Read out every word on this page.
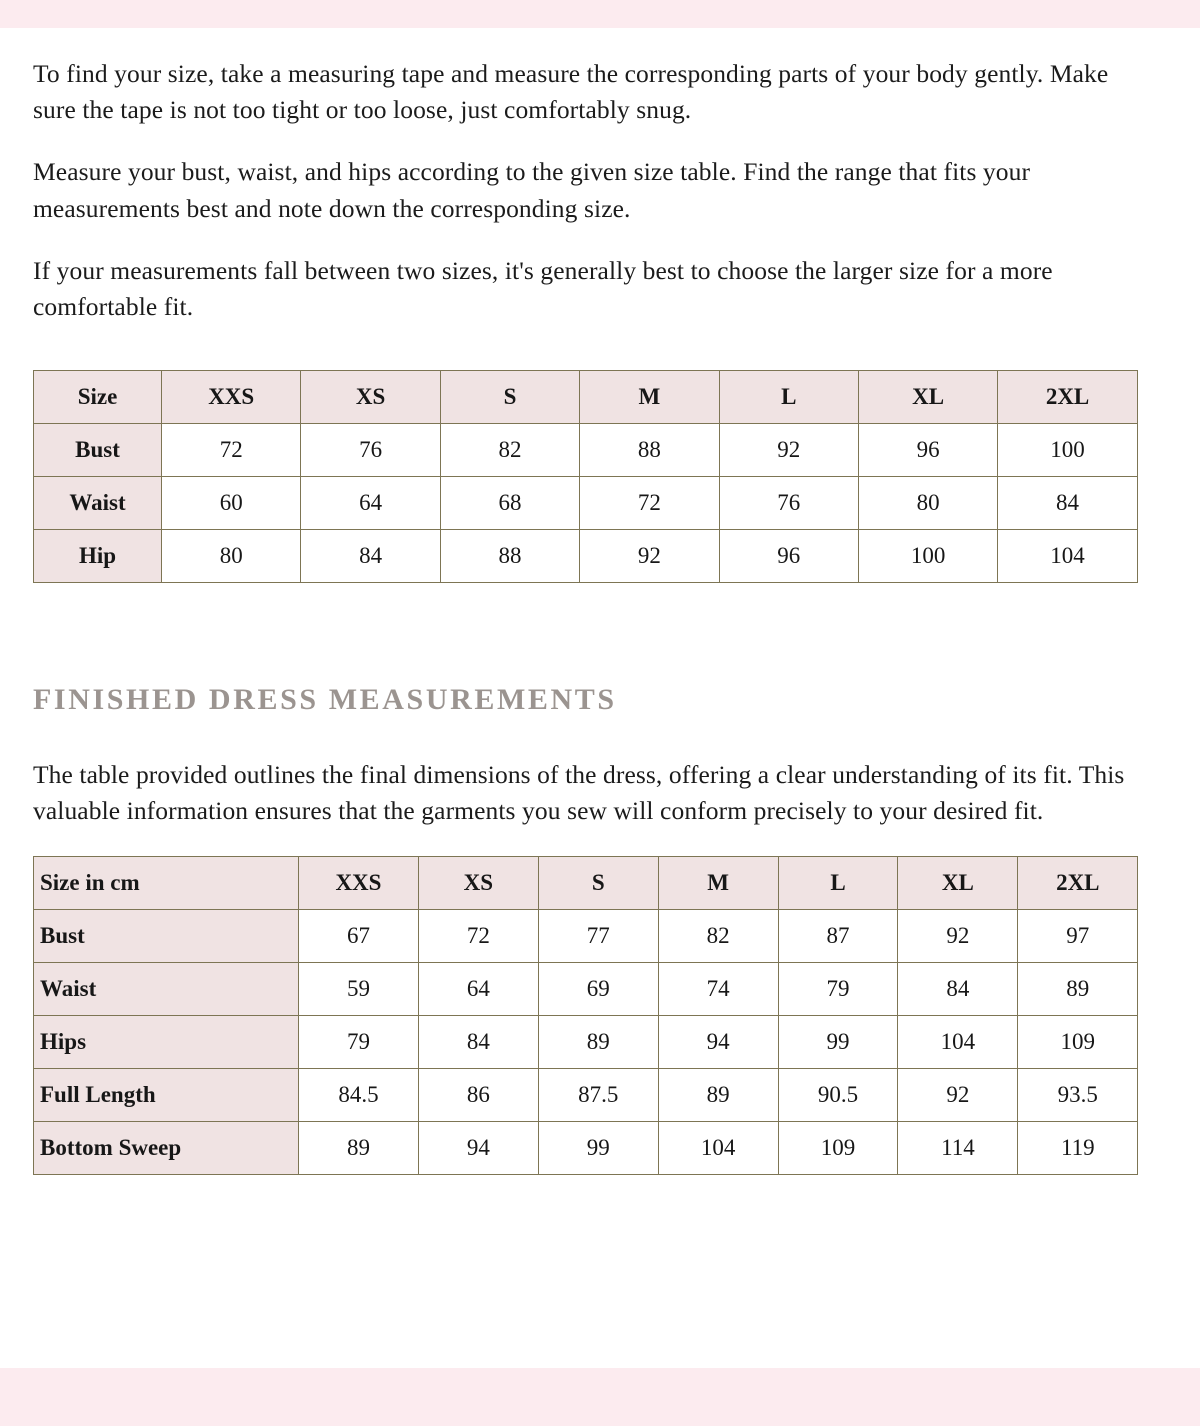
To find your size, take a measuring tape and measure the corresponding parts of your body gently. Make sure the tape is not too tight or too loose, just comfortably snug.

Measure your bust, waist, and hips according to the given size table. Find the range that fits your measurements best and note down the corresponding size.

If your measurements fall between two sizes, it's generally best to choose the larger size for a more comfortable fit.

Size	XXS	XS	S	M	L	XL	2XL
Bust	72	76	82	88	92	96	100
Waist	60	64	68	72	76	80	84
Hip	80	84	88	92	96	100	104
FINISHED DRESS MEASUREMENTS

The table provided outlines the final dimensions of the dress, offering a clear understanding of its fit. This valuable information ensures that the garments you sew will conform precisely to your desired fit.

Size in cm	XXS	XS	S	M	L	XL	2XL
Bust	67	72	77	82	87	92	97
Waist	59	64	69	74	79	84	89
Hips	79	84	89	94	99	104	109
Full Length	84.5	86	87.5	89	90.5	92	93.5
Bottom Sweep	89	94	99	104	109	114	119
